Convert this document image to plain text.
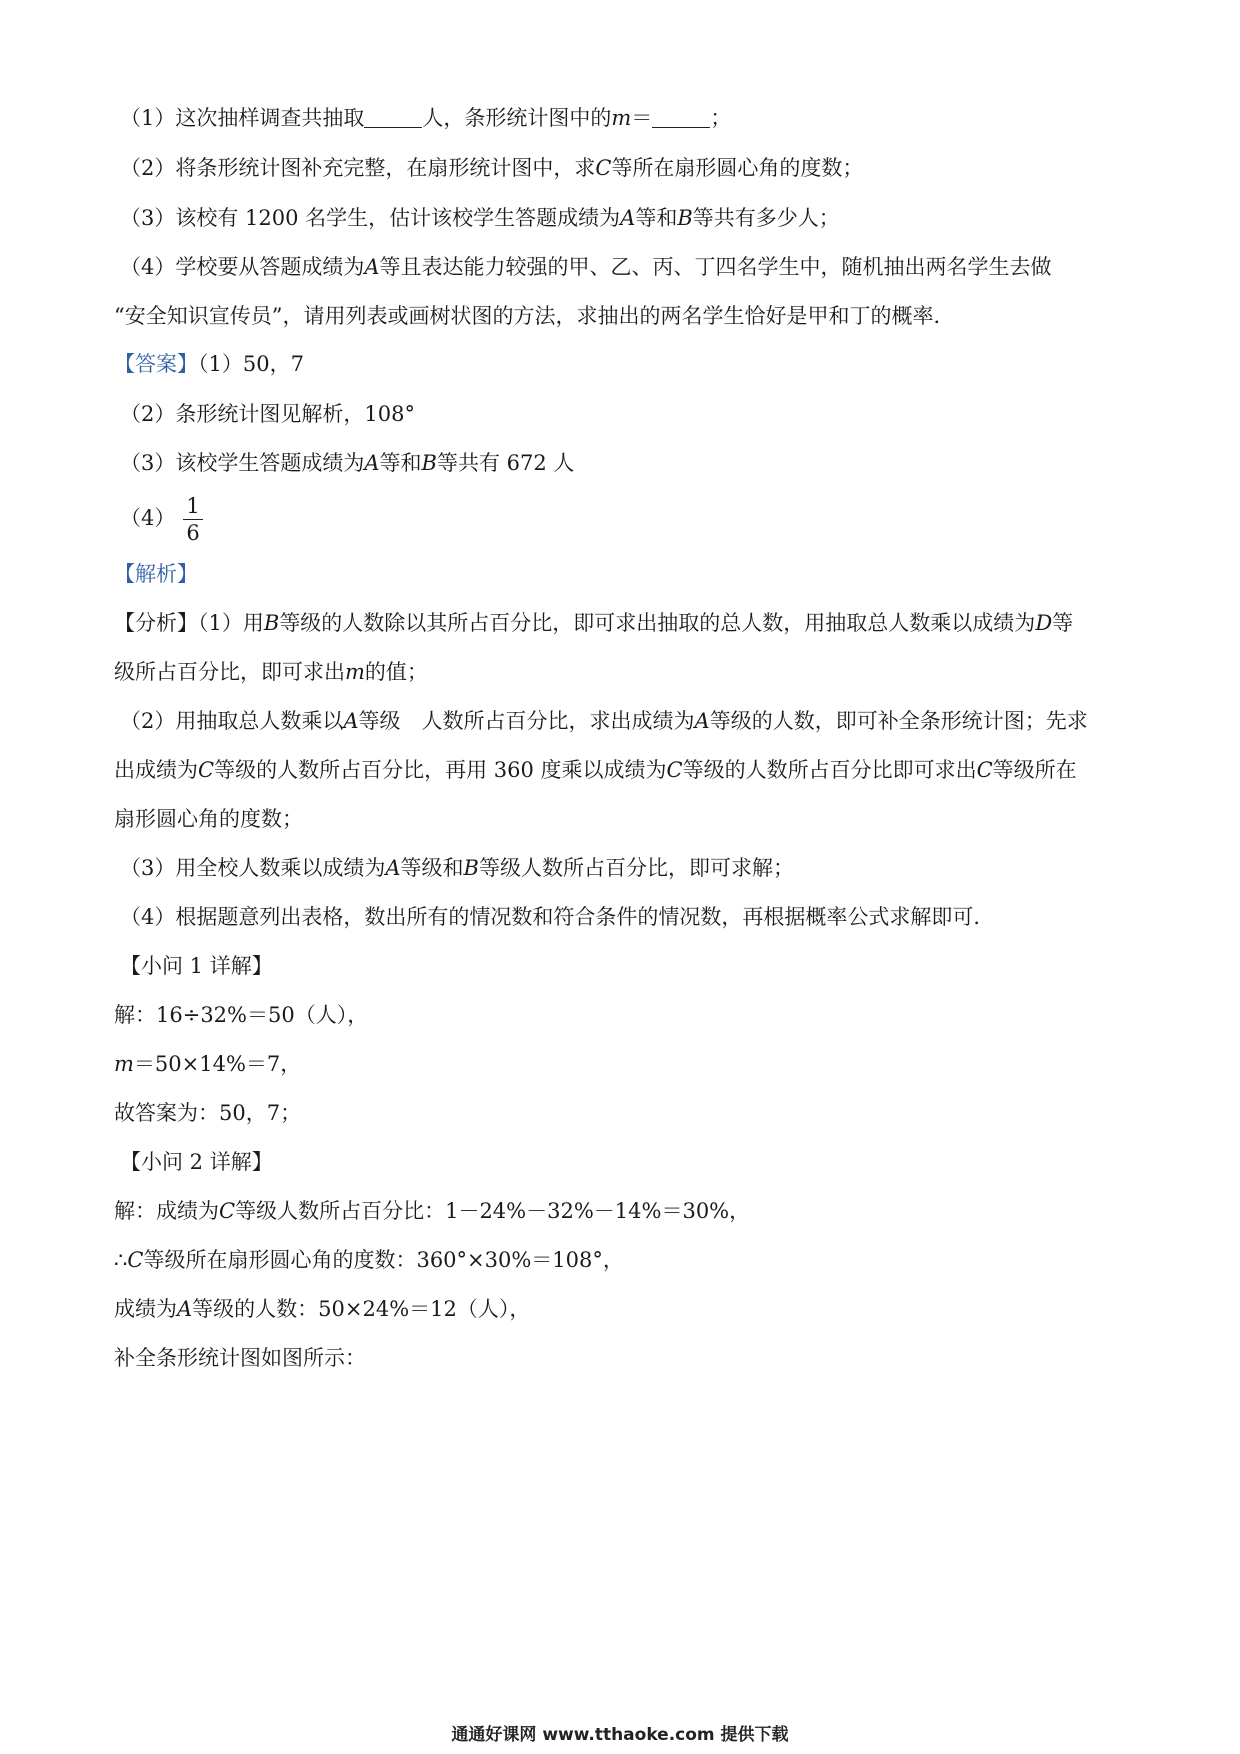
（1）这次抽样调查共抽取	人，条形统计图中的m＝	；
（2）将条形统计图补充完整，在扇形统计图中，求C等所在扇形圆心角的度数；
（3）该校有 1200 名学生，估计该校学生答题成绩为A等和B等共有多少人；
（4）学校要从答题成绩为A等且表达能力较强的甲、乙、丙、丁四名学生中，随机抽出两名学生去做
“安全知识宣传员”，请用列表或画树状图的方法，求抽出的两名学生恰好是甲和丁的概率．
【答案】（1）50，7
（2）条形统计图见解析，108°
（3）该校学生答题成绩为A等和B等共有 672 人
$(4) \frac{1}{6}$
【解析】
【分析】（1）用B等级的人数除以其所占百分比，即可求出抽取的总人数，用抽取总人数乘以成绩为D等
级所占百分比，即可求出m的值；
（2）用抽取总人数乘以A等级　人数所占百分比，求出成绩为A等级的人数，即可补全条形统计图；先求
出成绩为C等级的人数所占百分比，再用 360 度乘以成绩为C等级的人数所占百分比即可求出C等级所在
扇形圆心角的度数；
（3）用全校人数乘以成绩为A等级和B等级人数所占百分比，即可求解；
（4）根据题意列出表格，数出所有的情况数和符合条件的情况数，再根据概率公式求解即可．
【小问 1 详解】
解：16÷32%＝50（人），
m＝50×14%＝7，
故答案为：50，7；
【小问 2 详解】
解：成绩为C等级人数所占百分比：1－24%－32%－14%＝30%，
∴C等级所在扇形圆心角的度数：360°×30%＝108°，
成绩为A等级的人数：50×24%＝12（人），
补全条形统计图如图所示：
通通好课网 www.tthaoke.com 提供下载
